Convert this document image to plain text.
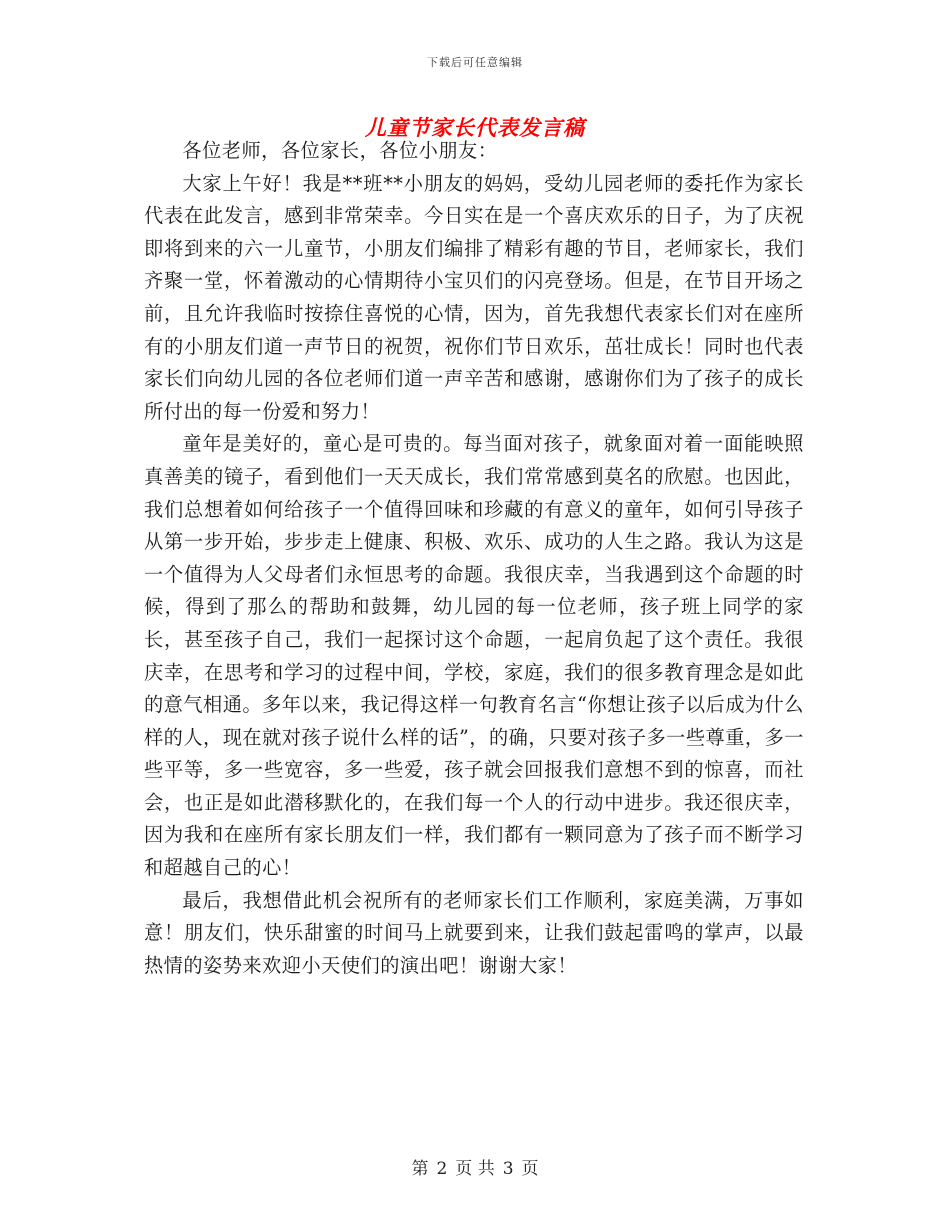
下载后可任意编辑
儿童节家长代表发言稿

各位老师，各位家长，各位小朋友：

大家上午好！我是**班**小朋友的妈妈，受幼儿园老师的委托作为家长代表在此发言，感到非常荣幸。今日实在是一个喜庆欢乐的日子，为了庆祝即将到来的六一儿童节，小朋友们编排了精彩有趣的节目，老师家长，我们齐聚一堂，怀着激动的心情期待小宝贝们的闪亮登场。但是，在节目开场之前，且允许我临时按捺住喜悦的心情，因为，首先我想代表家长们对在座所有的小朋友们道一声节日的祝贺，祝你们节日欢乐，茁壮成长！同时也代表家长们向幼儿园的各位老师们道一声辛苦和感谢，感谢你们为了孩子的成长所付出的每一份爱和努力！

童年是美好的，童心是可贵的。每当面对孩子，就象面对着一面能映照真善美的镜子，看到他们一天天成长，我们常常感到莫名的欣慰。也因此，我们总想着如何给孩子一个值得回味和珍藏的有意义的童年，如何引导孩子从第一步开始，步步走上健康、积极、欢乐、成功的人生之路。我认为这是一个值得为人父母者们永恒思考的命题。我很庆幸，当我遇到这个命题的时候，得到了那么的帮助和鼓舞，幼儿园的每一位老师，孩子班上同学的家长，甚至孩子自己，我们一起探讨这个命题，一起肩负起了这个责任。我很庆幸，在思考和学习的过程中间，学校，家庭，我们的很多教育理念是如此的意气相通。多年以来，我记得这样一句教育名言“你想让孩子以后成为什么样的人，现在就对孩子说什么样的话”，的确，只要对孩子多一些尊重，多一些平等，多一些宽容，多一些爱，孩子就会回报我们意想不到的惊喜，而社会，也正是如此潜移默化的，在我们每一个人的行动中进步。我还很庆幸，因为我和在座所有家长朋友们一样，我们都有一颗同意为了孩子而不断学习和超越自己的心！

最后，我想借此机会祝所有的老师家长们工作顺利，家庭美满，万事如意！朋友们，快乐甜蜜的时间马上就要到来，让我们鼓起雷鸣的掌声，以最热情的姿势来欢迎小天使们的演出吧！谢谢大家！

第 2 页 共 3 页
